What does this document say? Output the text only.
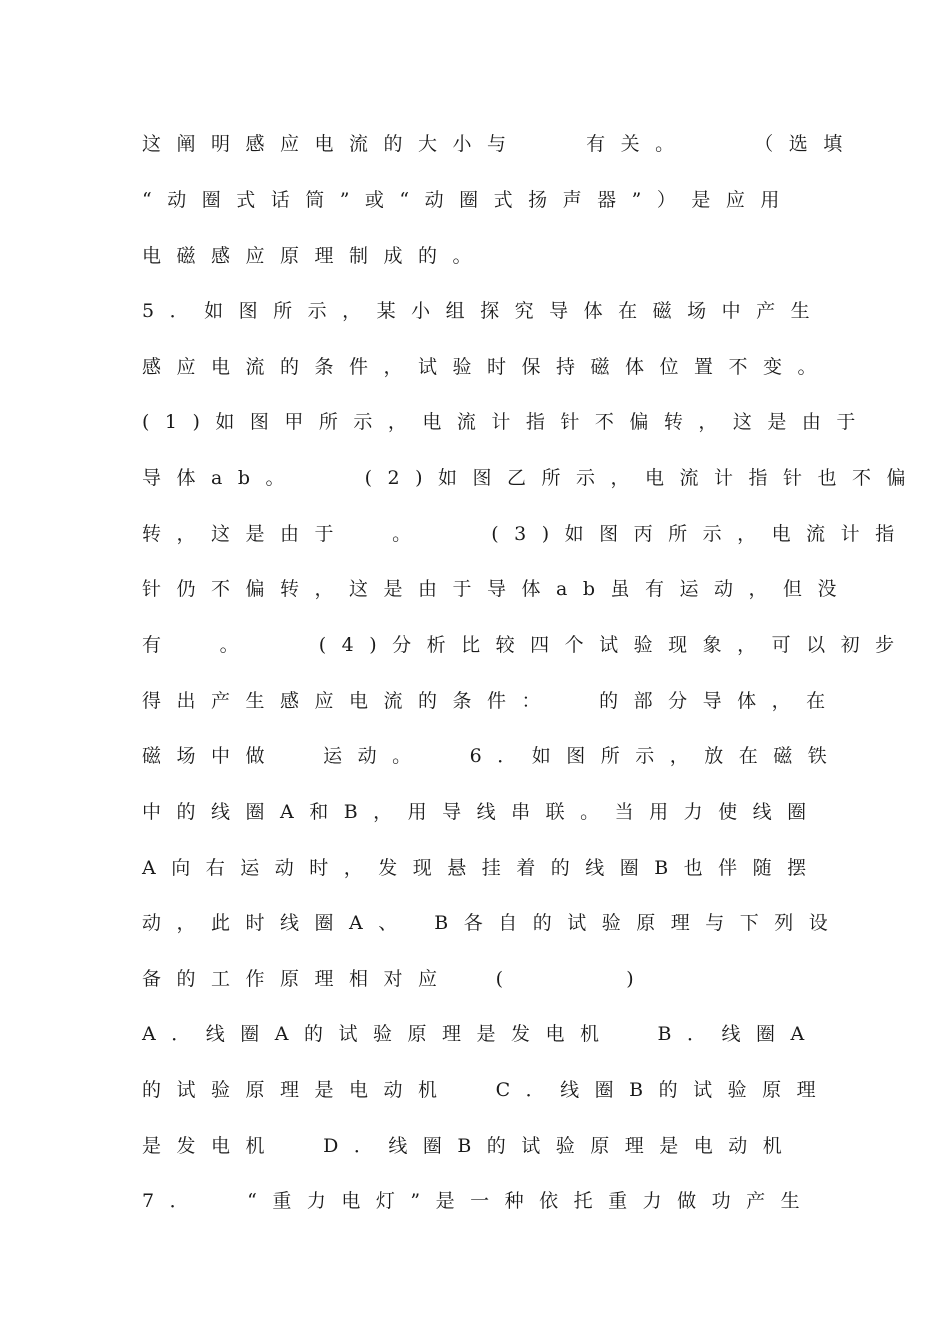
这阐明感应电流的大小与   有关。   （选填
“动圈式话筒”或“动圈式扬声器”）是应用
电磁感应原理制成的。
5．如图所示，某小组探究导体在磁场中产生
感应电流的条件，试验时保持磁体位置不变。
(1)如图甲所示，电流计指针不偏转，这是由于
导体ab。   (2)如图乙所示，电流计指针也不偏
转，这是由于  。   (3)如图丙所示，电流计指
针仍不偏转，这是由于导体ab虽有运动，但没
有  。   (4)分析比较四个试验现象，可以初步
得出产生感应电流的条件：  的部分导体，在
磁场中做  运动。  6．如图所示，放在磁铁
中的线圈A和B，用导线串联。当用力使线圈
A向右运动时，发现悬挂着的线圈B也伴随摆
动，此时线圈A、 B各自的试验原理与下列设
备的工作原理相对应  (     )
A．线圈A的试验原理是发电机  B．线圈A
的试验原理是电动机  C．线圈B的试验原理
是发电机  D．线圈B的试验原理是电动机
7．  “重力电灯”是一种依托重力做功产生
